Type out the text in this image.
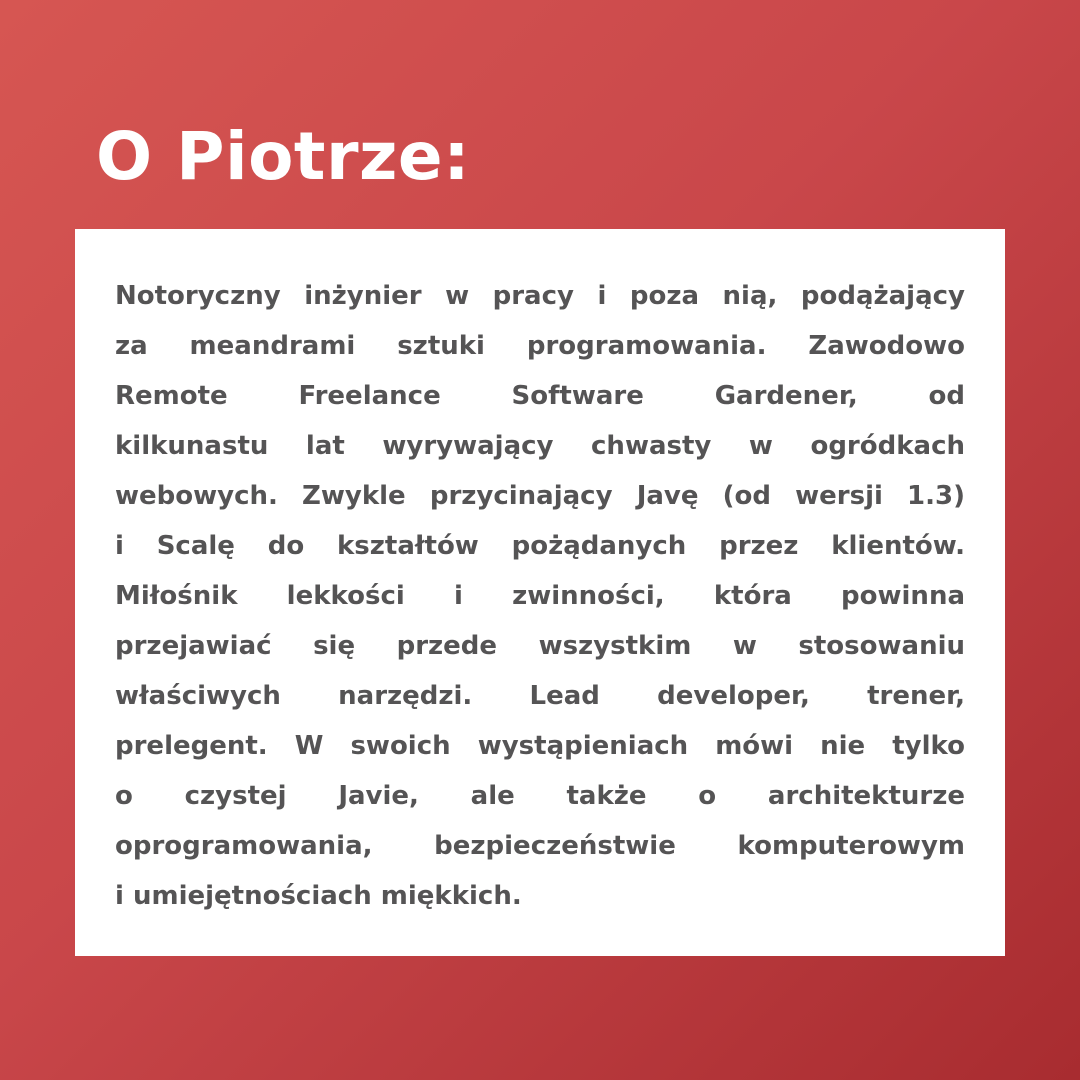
O Piotrze:

Notoryczny inżynier w pracy i poza nią, podążający
za meandrami sztuki programowania. Zawodowo
Remote Freelance Software Gardener, od
kilkunastu lat wyrywający chwasty w ogródkach
webowych. Zwykle przycinający Javę (od wersji 1.3)
i Scalę do kształtów pożądanych przez klientów.
Miłośnik lekkości i zwinności, która powinna
przejawiać się przede wszystkim w stosowaniu
właściwych narzędzi. Lead developer, trener,
prelegent. W swoich wystąpieniach mówi nie tylko
o czystej Javie, ale także o architekturze
oprogramowania, bezpieczeństwie komputerowym
i umiejętnościach miękkich.
